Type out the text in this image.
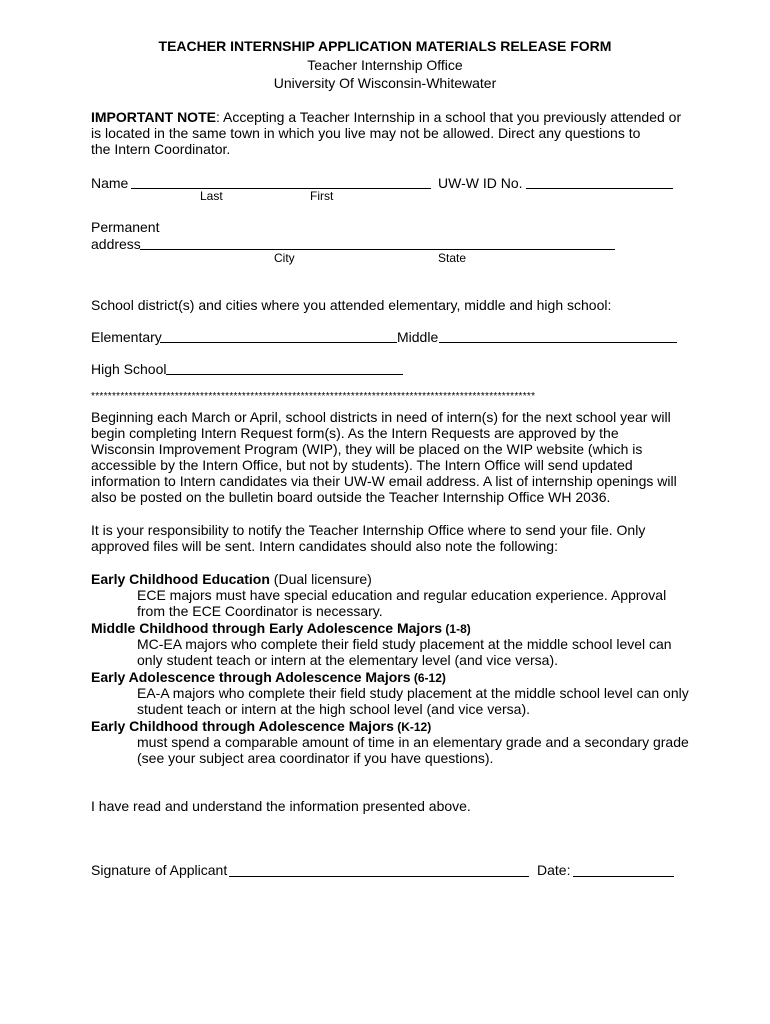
TEACHER INTERNSHIP APPLICATION MATERIALS RELEASE FORM
Teacher Internship Office
University Of Wisconsin-Whitewater
IMPORTANT NOTE: Accepting a Teacher Internship in a school that you previously attended or
is located in the same town in which you live may not be allowed. Direct any questions to
the Intern Coordinator.
Name	UW-W ID No.
Last	First
Permanent
address
City	State
School district(s) and cities where you attended elementary, middle and high school:
Elementary	Middle
High School
**********************************************************************************************************
Beginning each March or April, school districts in need of intern(s) for the next school year will
begin completing Intern Request form(s). As the Intern Requests are approved by the
Wisconsin Improvement Program (WIP), they will be placed on the WIP website (which is
accessible by the Intern Office, but not by students). The Intern Office will send updated
information to Intern candidates via their UW-W email address. A list of internship openings will
also be posted on the bulletin board outside the Teacher Internship Office WH 2036.
It is your responsibility to notify the Teacher Internship Office where to send your file. Only
approved files will be sent. Intern candidates should also note the following:
Early Childhood Education (Dual licensure)
ECE majors must have special education and regular education experience. Approval
from the ECE Coordinator is necessary.
Middle Childhood through Early Adolescence Majors (1-8)
MC-EA majors who complete their field study placement at the middle school level can
only student teach or intern at the elementary level (and vice versa).
Early Adolescence through Adolescence Majors (6-12)
EA-A majors who complete their field study placement at the middle school level can only
student teach or intern at the high school level (and vice versa).
Early Childhood through Adolescence Majors (K-12)
must spend a comparable amount of time in an elementary grade and a secondary grade
(see your subject area coordinator if you have questions).
I have read and understand the information presented above.
Signature of Applicant	Date:
